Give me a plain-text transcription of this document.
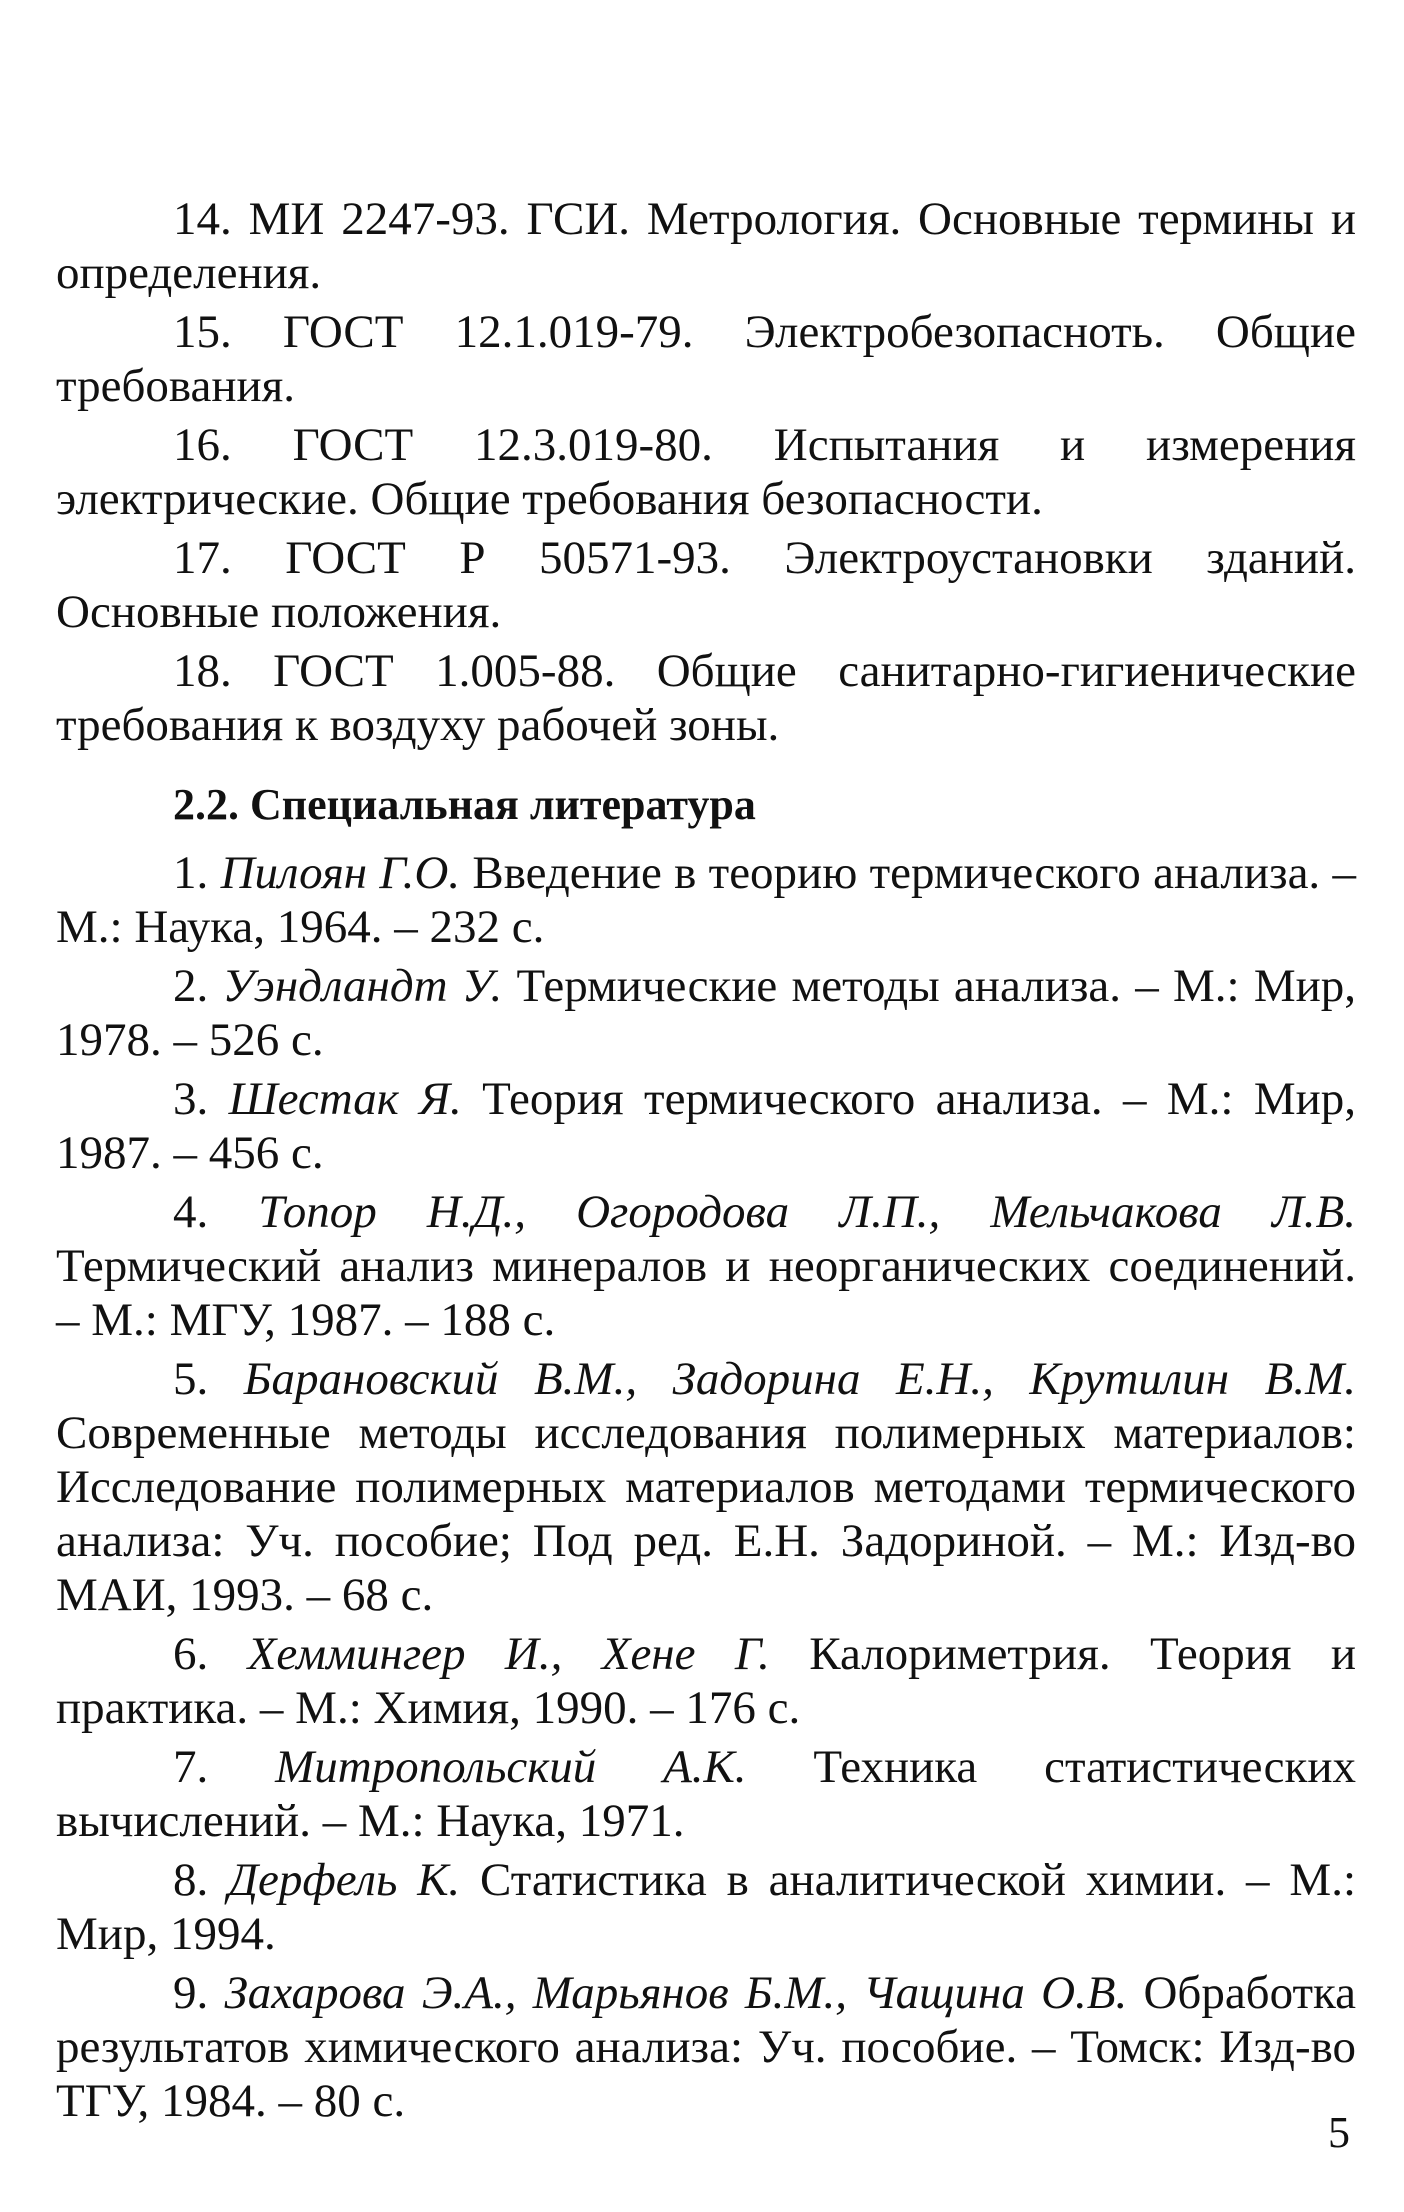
14. МИ 2247-93. ГСИ. Метрология. Основные термины и определения.

15. ГОСТ 12.1.019-79. Электробезопасноть. Общие требования.

16. ГОСТ 12.3.019-80. Испытания и измерения электрические. Общие требования безопасности.

17. ГОСТ Р 50571-93. Электроустановки зданий. Основные положения.

18. ГОСТ 1.005-88. Общие санитарно-гигиенические требования к воздуху рабочей зоны.

2.2. Специальная литература

1. Пилоян Г.О. Введение в теорию термического анализа. – М.: Наука, 1964. – 232 с.

2. Уэндландт У. Термические методы анализа. – М.: Мир, 1978. – 526 с.

3. Шестак Я. Теория термического анализа. – М.: Мир, 1987. – 456 с.

4. Топор Н.Д., Огородова Л.П., Мельчакова Л.В. Термический анализ минералов и неорганических соединений. – М.: МГУ, 1987. – 188 с.

5. Барановский В.М., Задорина Е.Н., Крутилин В.М. Современные методы исследования полимерных материалов: Исследование полимерных материалов методами термического анализа: Уч. пособие; Под ред. Е.Н. Задориной. – М.: Изд-во МАИ, 1993. – 68 с.

6. Хеммингер И., Хене Г. Калориметрия. Теория и практика. – М.: Химия, 1990. – 176 с.

7. Митропольский А.К. Техника статистических вычислений. – М.: Наука, 1971.

8. Дерфель К. Статистика в аналитической химии. – М.: Мир, 1994.

9. Захарова Э.А., Марьянов Б.М., Чащина О.В. Обработка результатов химического анализа: Уч. пособие. – Томск: Изд-во ТГУ, 1984. – 80 с.

5
